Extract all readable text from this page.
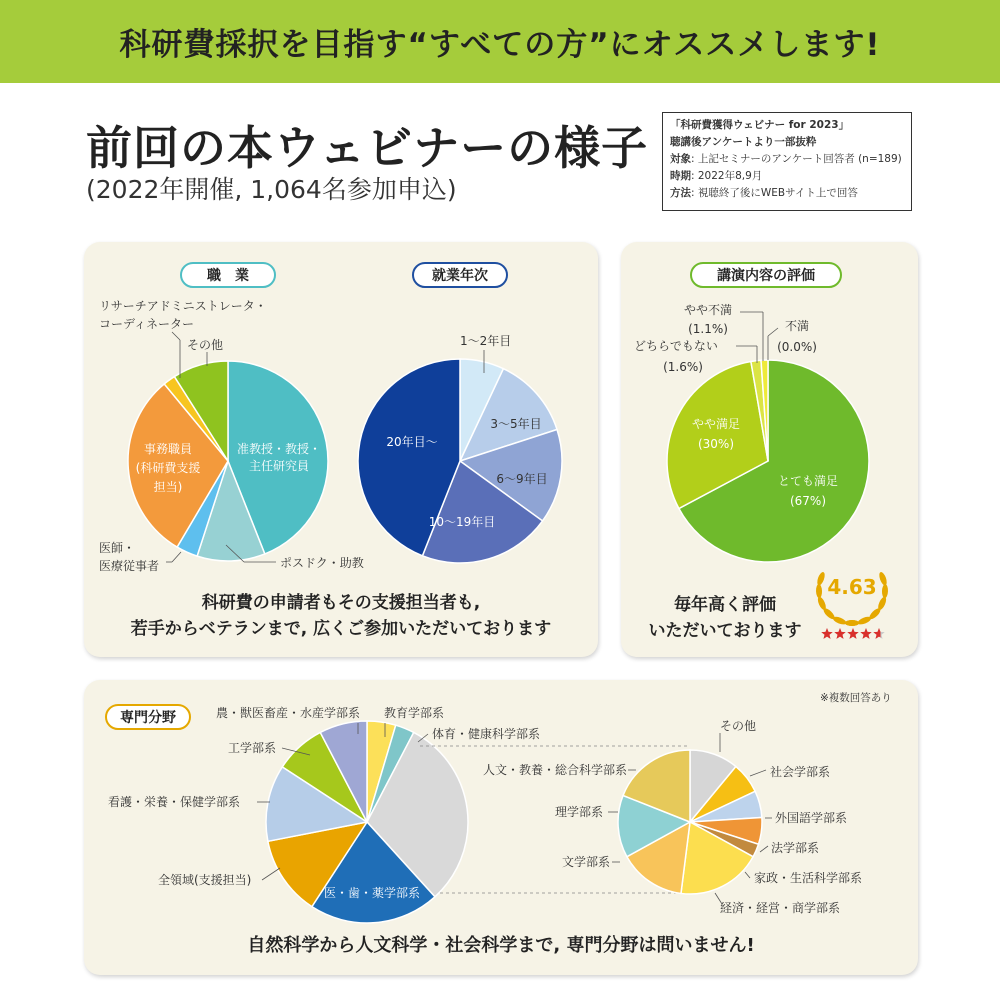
科研費採択を目指す“すべての方”にオススメします!
前回の本ウェビナーの様子
(2022年開催, 1,064名参加申込)
「科研費獲得ウェビナー for 2023」
聴講後アンケートより一部抜粋
対象: 上記セミナーのアンケート回答者 (n=189)
時期: 2022年8,9月
方法: 視聴終了後にWEBサイト上で回答
職　業	就業年次
科研費の申請者もその支援担当者も,
若手からベテランまで, 広くご参加いただいております
講演内容の評価
毎年高く評価
いただいております
専門分野
※複数回答あり
自然科学から人文科学・社会科学まで, 専門分野は問いません!
准教授・教授・主任研究員
事務職員(科研費支援担当)
ポスドク・助教
医師・医療従事者
リサーチアドミニストレータ・コーディネーター
その他	1〜2年目
3〜5年目
6〜9年目
10〜19年目
20年目〜
とても満足(67%)
やや満足(30%)
どちらでもない
(1.6%)
やや不満
(1.1%)	不満
(0.0%)
4.63
教育学部系
体育・健康科学部系
農・獣医畜産・水産学部系
工学部系
看護・栄養・保健学部系
全領域(支援担当)
医・歯・薬学部系
その他
社会学部系
外国語学部系
法学部系
家政・生活科学部系
経済・経営・商学部系
文学部系
理学部系
人文・教養・総合科学部系
